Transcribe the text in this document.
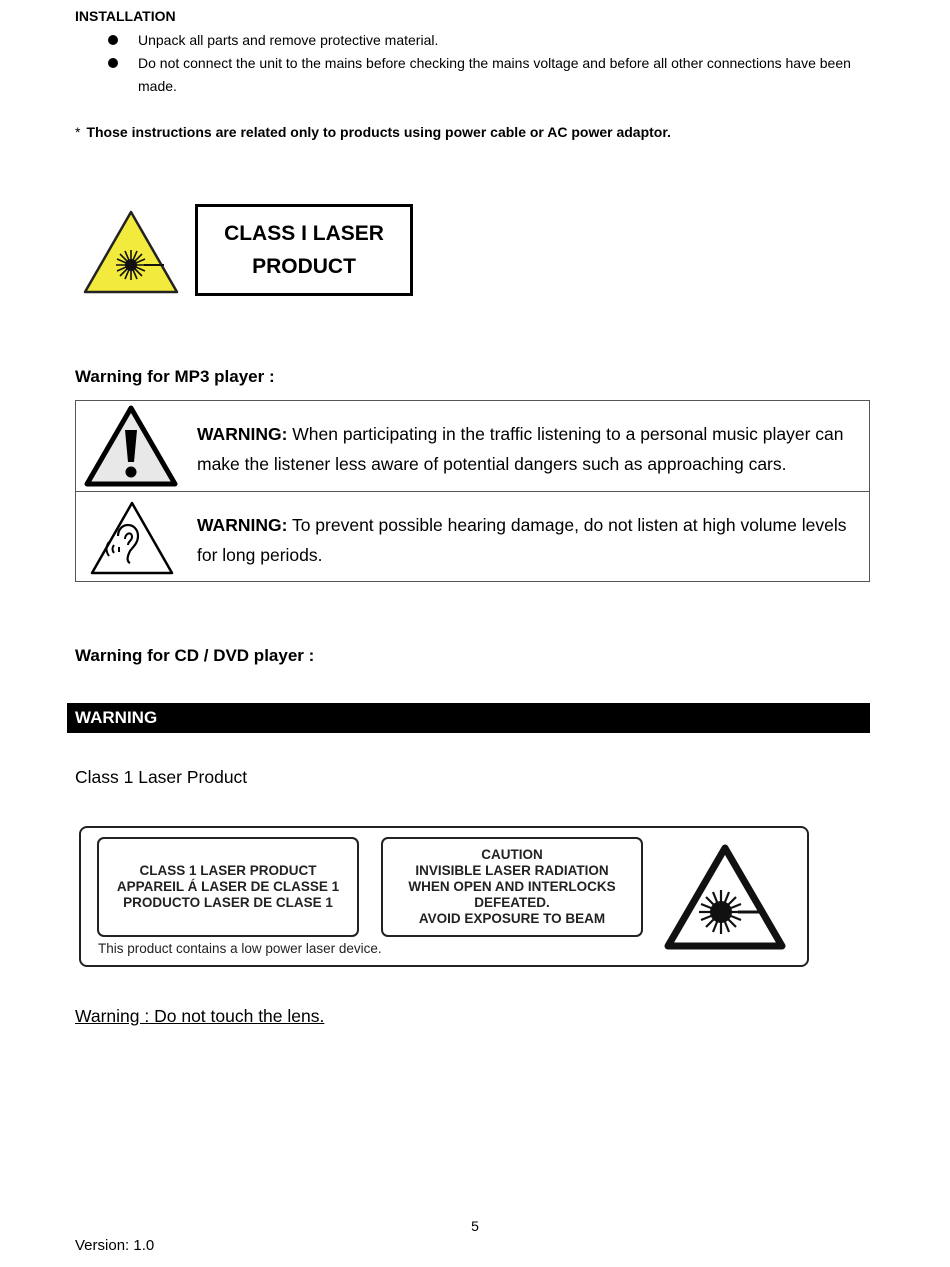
INSTALLATION
Unpack all parts and remove protective material.
Do not connect the unit to the mains before checking the mains voltage and before all other connections have been made.
* Those instructions are related only to products using power cable or AC power adaptor.
CLASS I LASER
PRODUCT
Warning for MP3 player :
WARNING: When participating in the traffic listening to a personal music player can make the listener less aware of potential dangers such as approaching cars.
WARNING: To prevent possible hearing damage, do not listen at high volume levels for long periods.
Warning for CD / DVD player :
WARNING
Class 1 Laser Product
CLASS 1 LASER PRODUCT
APPAREIL Á LASER DE CLASSE 1
PRODUCTO LASER DE CLASE 1
CAUTION
INVISIBLE LASER RADIATION
WHEN OPEN AND INTERLOCKS
DEFEATED.
AVOID EXPOSURE TO BEAM
This product contains a low power laser device.
Warning : Do not touch the lens.
5
Version: 1.0
